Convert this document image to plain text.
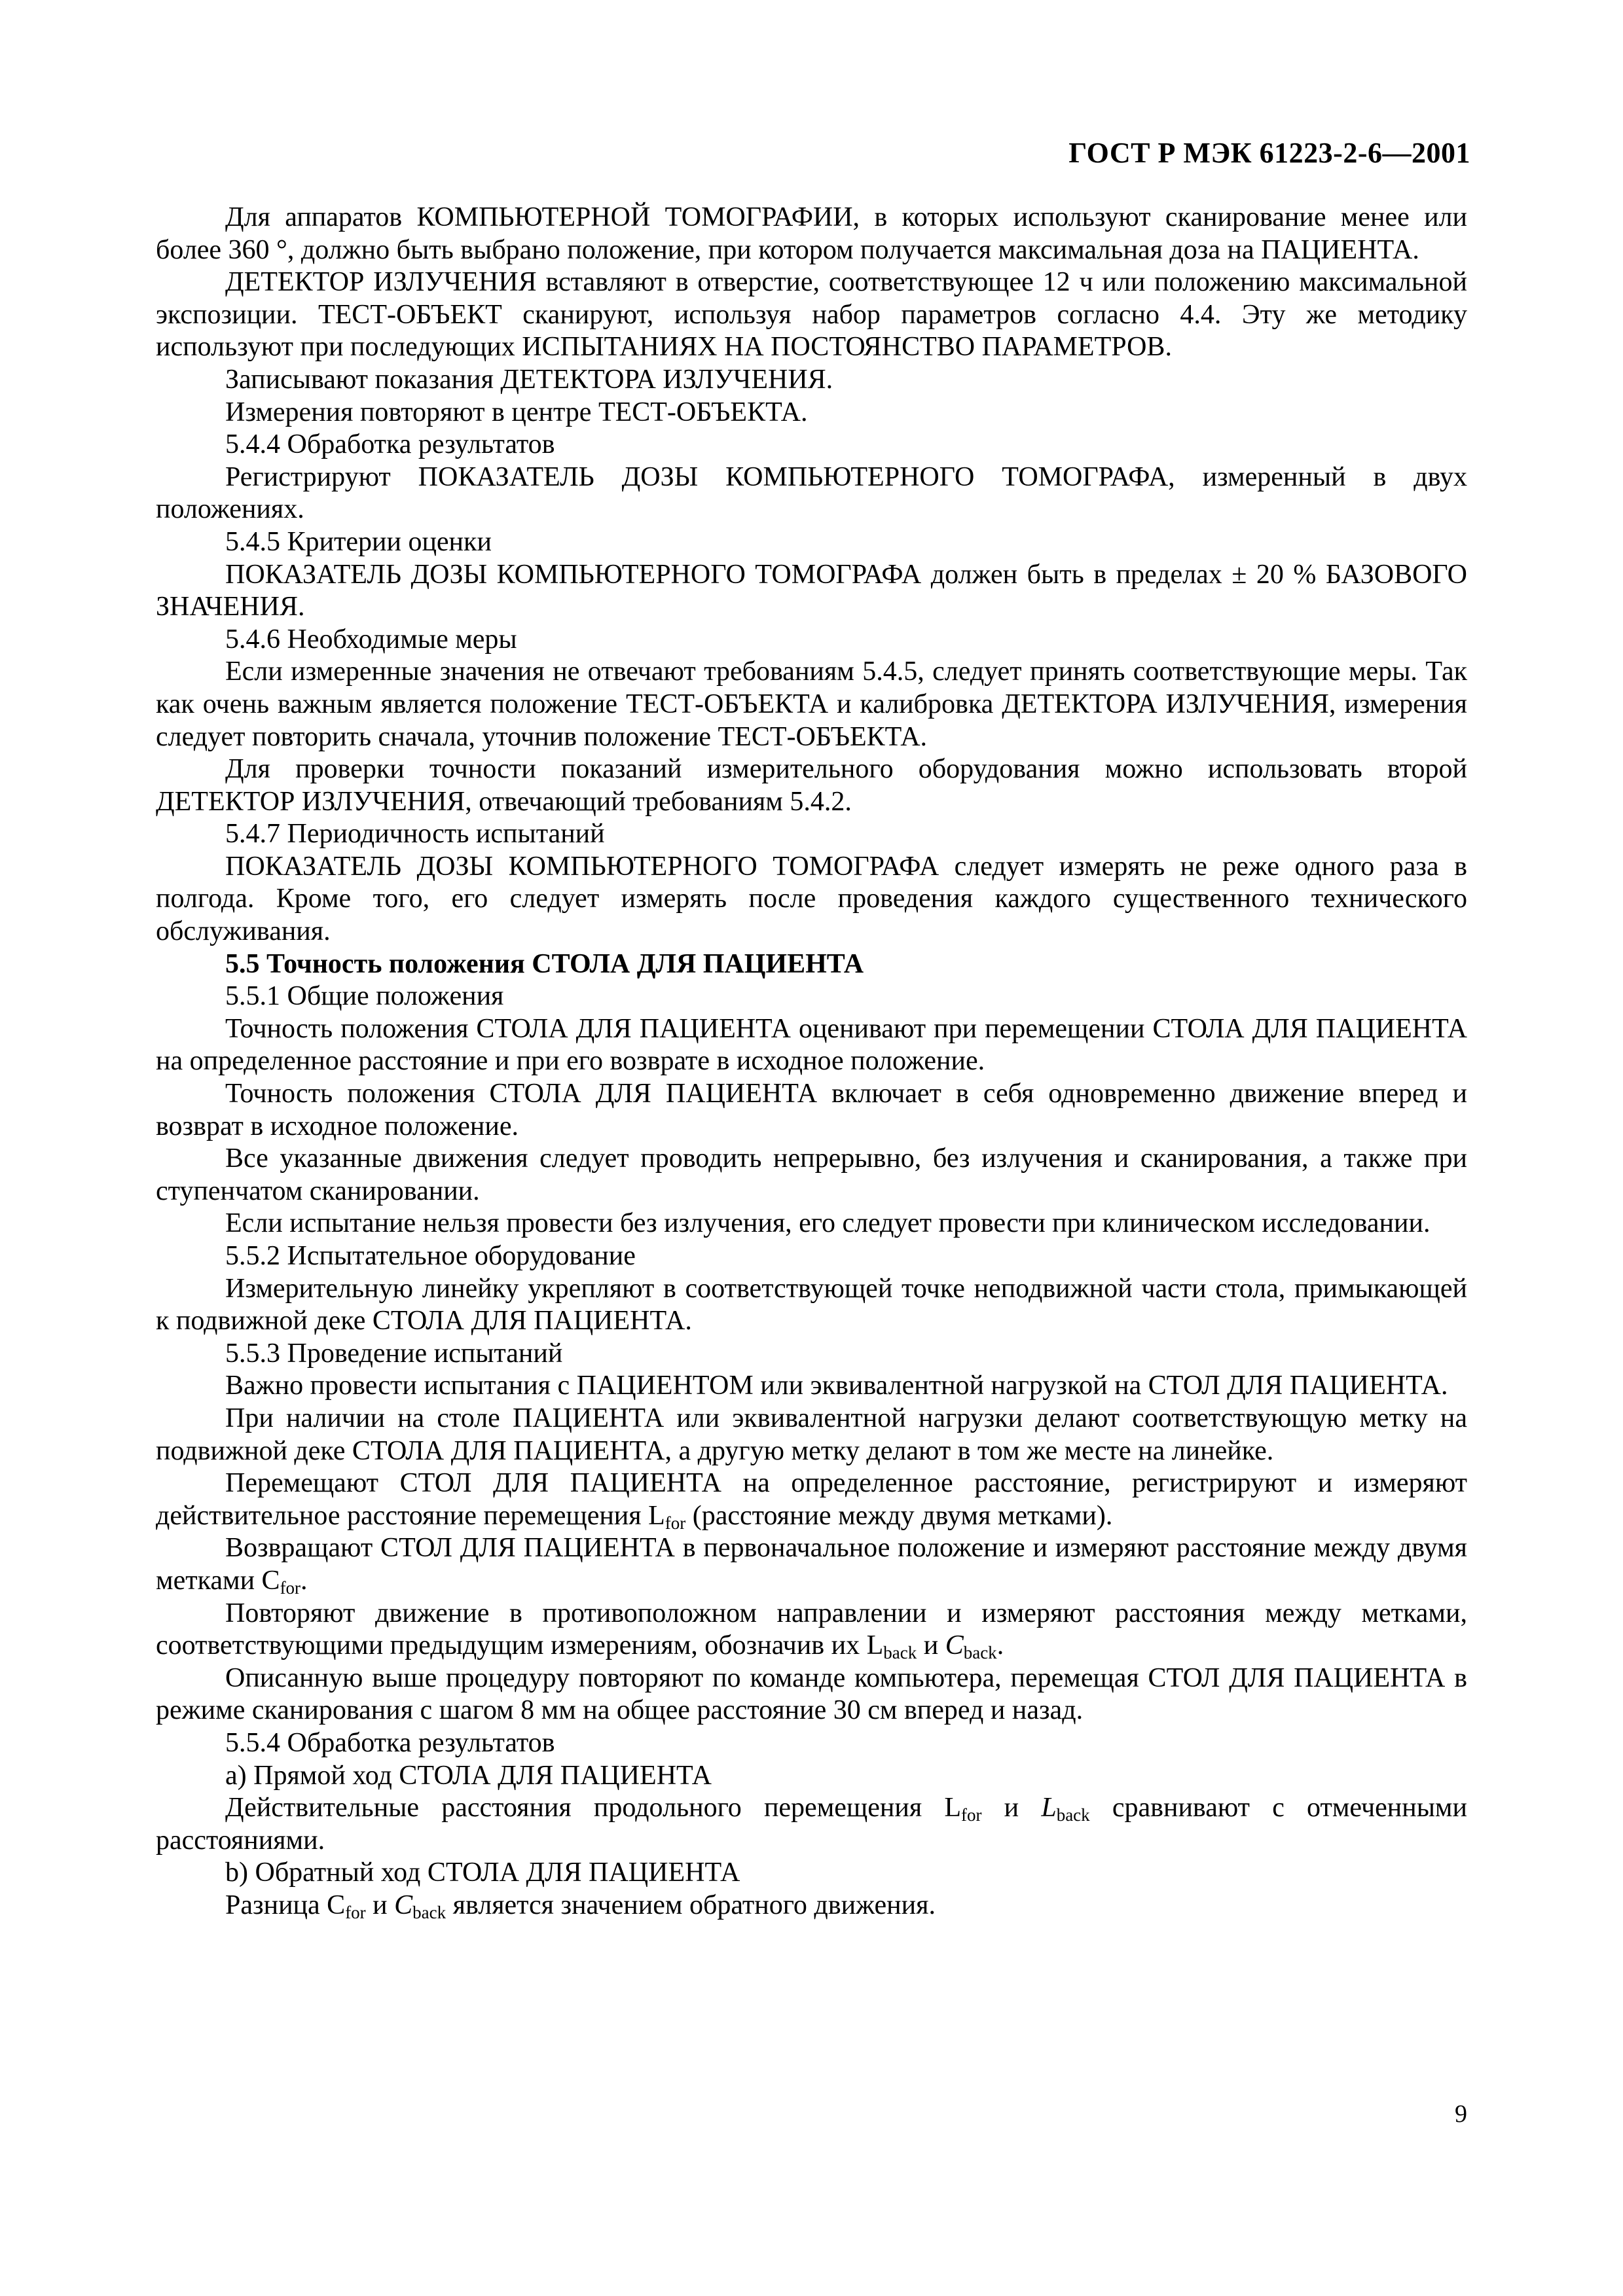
ГОСТ Р МЭК 61223-2-6—2001

Для аппаратов КОМПЬЮТЕРНОЙ ТОМОГРАФИИ, в которых используют сканирование менее или более 360 °, должно быть выбрано положение, при котором получается максимальная доза на ПАЦИЕНТА.

ДЕТЕКТОР ИЗЛУЧЕНИЯ вставляют в отверстие, соответствующее 12 ч или положению максимальной экспозиции. ТЕСТ-ОБЪЕКТ сканируют, используя набор параметров согласно 4.4. Эту же методику используют при последующих ИСПЫТАНИЯХ НА ПОСТОЯНСТВО ПАРАМЕТРОВ.

Записывают показания ДЕТЕКТОРА ИЗЛУЧЕНИЯ.

Измерения повторяют в центре ТЕСТ-ОБЪЕКТА.

5.4.4 Обработка результатов

Регистрируют ПОКАЗАТЕЛЬ ДОЗЫ КОМПЬЮТЕРНОГО ТОМОГРАФА, измеренный в двух положениях.

5.4.5 Критерии оценки

ПОКАЗАТЕЛЬ ДОЗЫ КОМПЬЮТЕРНОГО ТОМОГРАФА должен быть в пределах ± 20 % БАЗОВОГО ЗНАЧЕНИЯ.

5.4.6 Необходимые меры

Если измеренные значения не отвечают требованиям 5.4.5, следует принять соответствующие меры. Так как очень важным является положение ТЕСТ-ОБЪЕКТА и калибровка ДЕТЕКТОРА ИЗЛУЧЕНИЯ, измерения следует повторить сначала, уточнив положение ТЕСТ-ОБЪЕКТА.

Для проверки точности показаний измерительного оборудования можно использовать второй ДЕТЕКТОР ИЗЛУЧЕНИЯ, отвечающий требованиям 5.4.2.

5.4.7 Периодичность испытаний

ПОКАЗАТЕЛЬ ДОЗЫ КОМПЬЮТЕРНОГО ТОМОГРАФА следует измерять не реже одного раза в полгода. Кроме того, его следует измерять после проведения каждого существенного технического обслуживания.

5.5 Точность положения СТОЛА ДЛЯ ПАЦИЕНТА

5.5.1 Общие положения

Точность положения СТОЛА ДЛЯ ПАЦИЕНТА оценивают при перемещении СТОЛА ДЛЯ ПАЦИЕНТА на определенное расстояние и при его возврате в исходное положение.

Точность положения СТОЛА ДЛЯ ПАЦИЕНТА включает в себя одновременно движение вперед и возврат в исходное положение.

Все указанные движения следует проводить непрерывно, без излучения и сканирования, а также при ступенчатом сканировании.

Если испытание нельзя провести без излучения, его следует провести при клиническом исследовании.

5.5.2 Испытательное оборудование

Измерительную линейку укрепляют в соответствующей точке неподвижной части стола, примыкающей к подвижной деке СТОЛА ДЛЯ ПАЦИЕНТА.

5.5.3 Проведение испытаний

Важно провести испытания с ПАЦИЕНТОМ или эквивалентной нагрузкой на СТОЛ ДЛЯ ПАЦИЕНТА.

При наличии на столе ПАЦИЕНТА или эквивалентной нагрузки делают соответствующую метку на подвижной деке СТОЛА ДЛЯ ПАЦИЕНТА, а другую метку делают в том же месте на линейке.

Перемещают СТОЛ ДЛЯ ПАЦИЕНТА на определенное расстояние, регистрируют и измеряют действительное расстояние перемещения $L_{for}$ (расстояние между двумя метками).

Возвращают СТОЛ ДЛЯ ПАЦИЕНТА в первоначальное положение и измеряют расстояние между двумя метками $C_{for}$.

Повторяют движение в противоположном направлении и измеряют расстояния между метками, соответствующими предыдущим измерениям, обозначив их $L_{back}$ и $C_{back}$.

Описанную выше процедуру повторяют по команде компьютера, перемещая СТОЛ ДЛЯ ПАЦИЕНТА в режиме сканирования с шагом 8 мм на общее расстояние 30 см вперед и назад.

5.5.4 Обработка результатов

a) Прямой ход СТОЛА ДЛЯ ПАЦИЕНТА

Действительные расстояния продольного перемещения $L_{for}$ и $L_{back}$ сравнивают с отмеченными расстояниями.

b) Обратный ход СТОЛА ДЛЯ ПАЦИЕНТА

Разница $C_{for}$ и $C_{back}$ является значением обратного движения.

9
